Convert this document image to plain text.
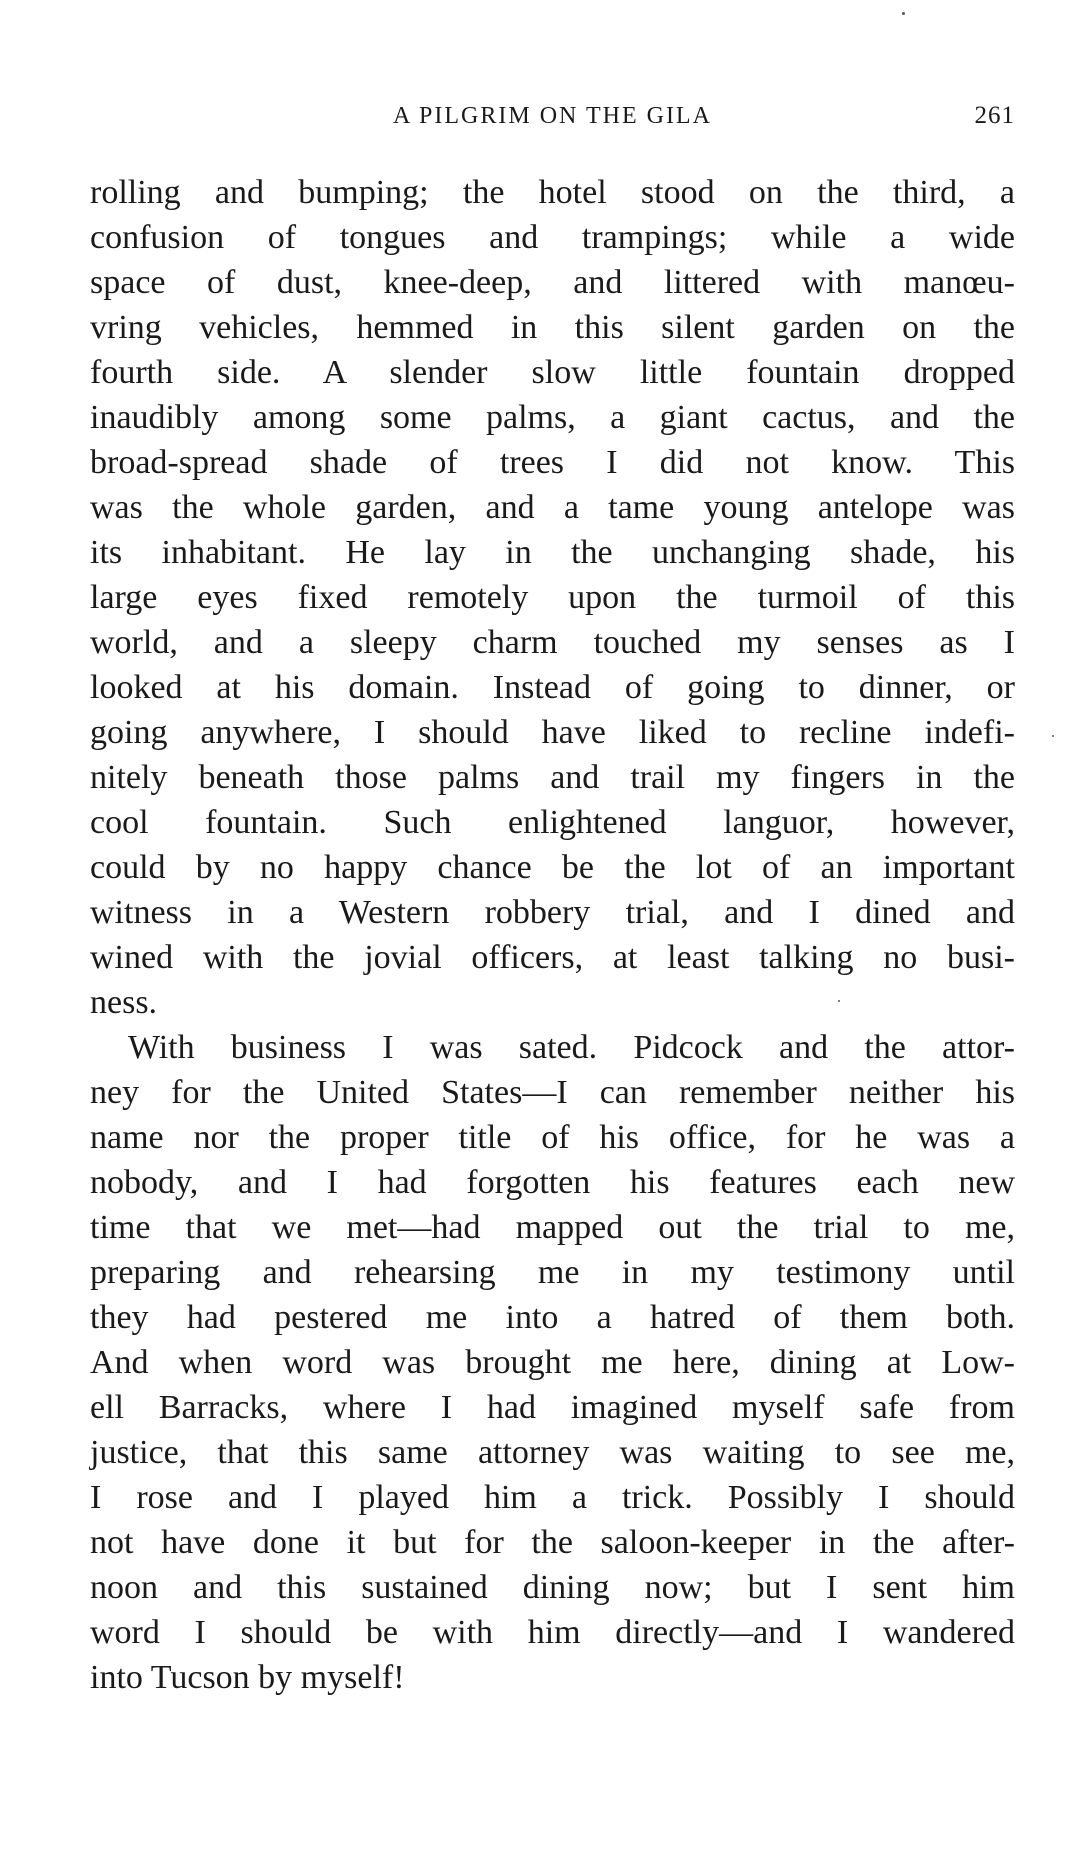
A PILGRIM ON THE GILA	261
rolling and bumping; the hotel stood on the third, a
confusion of tongues and trampings; while a wide
space of dust, knee-deep, and littered with manœu-
vring vehicles, hemmed in this silent garden on the
fourth side. A slender slow little fountain dropped
inaudibly among some palms, a giant cactus, and the
broad-spread shade of trees I did not know. This
was the whole garden, and a tame young antelope was
its inhabitant. He lay in the unchanging shade, his
large eyes fixed remotely upon the turmoil of this
world, and a sleepy charm touched my senses as I
looked at his domain. Instead of going to dinner, or
going anywhere, I should have liked to recline indefi-
nitely beneath those palms and trail my fingers in the
cool fountain. Such enlightened languor, however,
could by no happy chance be the lot of an important
witness in a Western robbery trial, and I dined and
wined with the jovial officers, at least talking no busi-
ness.
With business I was sated. Pidcock and the attor-
ney for the United States—I can remember neither his
name nor the proper title of his office, for he was a
nobody, and I had forgotten his features each new
time that we met—had mapped out the trial to me,
preparing and rehearsing me in my testimony until
they had pestered me into a hatred of them both.
And when word was brought me here, dining at Low-
ell Barracks, where I had imagined myself safe from
justice, that this same attorney was waiting to see me,
I rose and I played him a trick. Possibly I should
not have done it but for the saloon-keeper in the after-
noon and this sustained dining now; but I sent him
word I should be with him directly—and I wandered
into Tucson by myself!
